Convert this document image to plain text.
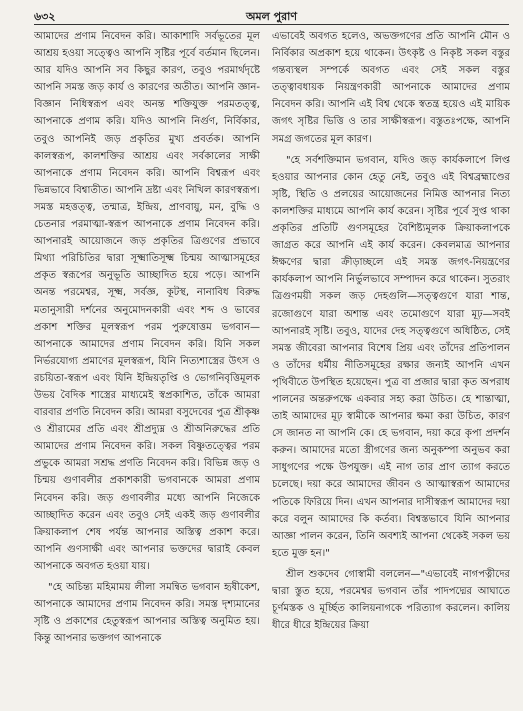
৬৩২	অমল পুরাণ

আমাদের প্রণাম নিবেদন করি। আকাশাদি সর্বভূতের মূল আশ্রয় হওয়া সত্ত্বেও আপনি সৃষ্টির পূর্বে বর্তমান ছিলেন। আর যদিও আপনি সব কিছুর কারণ, তবুও পরমার্থদৃষ্টে আপনি সমস্ত জড় কার্য ও কারণের অতীত। আপনি জ্ঞান-বিজ্ঞান নিধিস্বরূপ এবং অনন্ত শক্তিযুক্ত পরমতত্ত্ব, আপনাকে প্রণাম করি। যদিও আপনি নির্গুণ, নির্বিকার, তবুও আপনিই জড় প্রকৃতির মুখ্য প্রবর্তক। আপনি কালস্বরূপ, কালশক্তির আশ্রয় এবং সর্বকালের সাক্ষী আপনাকে প্রণাম নিবেদন করি। আপনি বিশ্বরূপ এবং ভিন্নভাবে বিশ্বাতীত। আপনি দ্রষ্টা এবং নিখিল কারণস্বরূপ। সমস্ত মহত্তত্ত্ব, তন্মাত্র, ইন্দ্রিয়, প্রাণবায়ু, মন, বুদ্ধি ও চেতনার পরমাত্মা-স্বরূপ আপনাকে প্রণাম নিবেদন করি। আপনারই আয়োজনে জড় প্রকৃতির ত্রিগুণের প্রভাবে মিথ্যা পরিচিতির দ্বারা সূক্ষ্মাতিসূক্ষ্ম চিন্ময় আত্মাসমূহের প্রকৃত স্বরূপের অনুভূতি আচ্ছাদিত হয়ে পড়ে। আপনি অনন্ত পরমেশ্বর, সূক্ষ্ম, সর্বজ্ঞ, কূটস্থ, নানাবিধ বিরুদ্ধ মতানুসারী দর্শনের অনুমোদনকারী এবং শব্দ ও ভাবের প্রকাশ শক্তির মূলস্বরূপ পরম পুরুষোত্তম ভগবান—আপনাকে আমাদের প্রণাম নিবেদন করি। যিনি সকল নির্ভরযোগ্য প্রমাণের মূলস্বরূপ, যিনি নিত্যশাস্ত্রের উৎস ও রচয়িতা-স্বরূপ এবং যিনি ইন্দ্রিয়তৃপ্তি ও ভোগনিবৃত্তিমূলক উভয় বৈদিক শাস্ত্রের মাধ্যমেই স্বপ্রকাশিত, তাঁকে আমরা বারবার প্রণতি নিবেদন করি। আমরা বসুদেবের পুত্র শ্রীকৃষ্ণ ও শ্রীরামের প্রতি এবং শ্রীপ্রদ্যুম্ন ও শ্রীঅনিরুদ্ধের প্রতি আমাদের প্রণাম নিবেদন করি। সকল বিষ্ণুতত্ত্বের পরম প্রভুকে আমরা সশ্রদ্ধ প্রণতি নিবেদন করি। বিভিন্ন জড় ও চিন্ময় গুণাবলীর প্রকাশকারী ভগবানকে আমরা প্রণাম নিবেদন করি। জড় গুণাবলীর মধ্যে আপনি নিজেকে আচ্ছাদিত করেন এবং তবুও সেই একই জড় গুণাবলীর ক্রিয়াকলাপ শেষ পর্যন্ত আপনার অস্তিত্ব প্রকাশ করে। আপনি গুণসাক্ষী এবং আপনার ভক্তদের দ্বারাই কেবল আপনাকে অবগত হওয়া যায়।

"হে অচিন্ত্য মহিমাময় লীলা সমন্বিত ভগবান হৃষীকেশ, আপনাকে আমাদের প্রণাম নিবেদন করি। সমস্ত দৃশ্যমানের সৃষ্টি ও প্রকাশের হেতুস্বরূপ আপনার অস্তিত্ব অনুমিত হয়। কিন্তু আপনার ভক্তগণ আপনাকে

এভাবেই অবগত হলেও, অভক্তগণের প্রতি আপনি মৌন ও নির্বিকার অপ্রকাশ হয়ে থাকেন। উৎকৃষ্ট ও নিকৃষ্ট সকল বস্তুর গন্তব্যস্থল সম্পর্কে অবগত এবং সেই সকল বস্তুর তত্ত্বাবধায়ক নিয়ন্ত্রণকারী আপনাকে আমাদের প্রণাম নিবেদন করি। আপনি এই বিশ্ব থেকে স্বতন্ত্র হয়েও এই মায়িক জগৎ সৃষ্টির ভিত্তি ও তার সাক্ষীস্বরূপ। বস্তুতঃপক্ষে, আপনি সমগ্র জগতের মূল কারণ।

"হে সর্বশক্তিমান ভগবান, যদিও জড় কার্যকলাপে লিপ্ত হওয়ার আপনার কোন হেতু নেই, তবুও এই বিশ্বব্রহ্মাণ্ডের সৃষ্টি, স্থিতি ও প্রলয়ের আয়োজনের নিমিত্ত আপনার নিত্য কালশক্তির মাধ্যমে আপনি কার্য করেন। সৃষ্টির পূর্বে সুপ্ত থাকা প্রকৃতির প্রতিটি গুণসমূহের বৈশিষ্ট্যমূলক ক্রিয়াকলাপকে জাগ্রত করে আপনি এই কার্য করেন। কেবলমাত্র আপনার ঈক্ষণের দ্বারা ক্রীড়াচ্ছলে এই সমস্ত জগৎ-নিয়ন্ত্রণের কার্যকলাপ আপনি নির্ভুলভাবে সম্পাদন করে থাকেন। সুতরাং ত্রিগুণময়ী সকল জড় দেহগুলি—সত্ত্বগুণে যারা শান্ত, রজোগুণে যারা অশান্ত এবং তমোগুণে যারা মূঢ়—সবই আপনারই সৃষ্টি। তবুও, যাদের দেহ সত্ত্বগুণে অধিষ্ঠিত, সেই সমস্ত জীবেরা আপনার বিশেষ প্রিয় এবং তাঁদের প্রতিপালন ও তাঁদের ধর্মীয় নীতিসমূহের রক্ষার জন্যই আপনি এখন পৃথিবীতে উপস্থিত হয়েছেন। পুত্র বা প্রজার দ্বারা কৃত অপরাধ পালনের অন্তরুপক্ষে একবার সহ্য করা উচিত। হে শান্তাত্মা, তাই আমাদের মূঢ় স্বামীকে আপনার ক্ষমা করা উচিত, কারণ সে জানত না আপনি কে। হে ভগবান, দয়া করে কৃপা প্রদর্শন করুন। আমাদের মতো স্ত্রীগণের জন্য অনুকম্পা অনুভব করা সাধুগণের পক্ষে উপযুক্ত। এই নাগ তার প্রাণ ত্যাগ করতে চলেছে। দয়া করে আমাদের জীবন ও আত্মাস্বরূপ আমাদের পতিকে ফিরিয়ে দিন। এখন আপনার দাসীস্বরূপ আমাদের দয়া করে বলুন আমাদের কি কর্তব্য। বিশ্বস্তভাবে যিনি আপনার আজ্ঞা পালন করেন, তিনি অবশ্যই আপনা থেকেই সকল ভয় হতে মুক্ত হন।"

শ্রীল শুকদেব গোস্বামী বললেন—"এভাবেই নাগপত্নীদের দ্বারা স্তুত হয়ে, পরমেশ্বর ভগবান তাঁর পাদপদ্মের আঘাতে চূর্ণমস্তক ও মূর্চ্ছিত কালিয়নাগকে পরিত্যাগ করলেন। কালিয় ধীরে ধীরে ইন্দ্রিয়ের ক্রিয়া
